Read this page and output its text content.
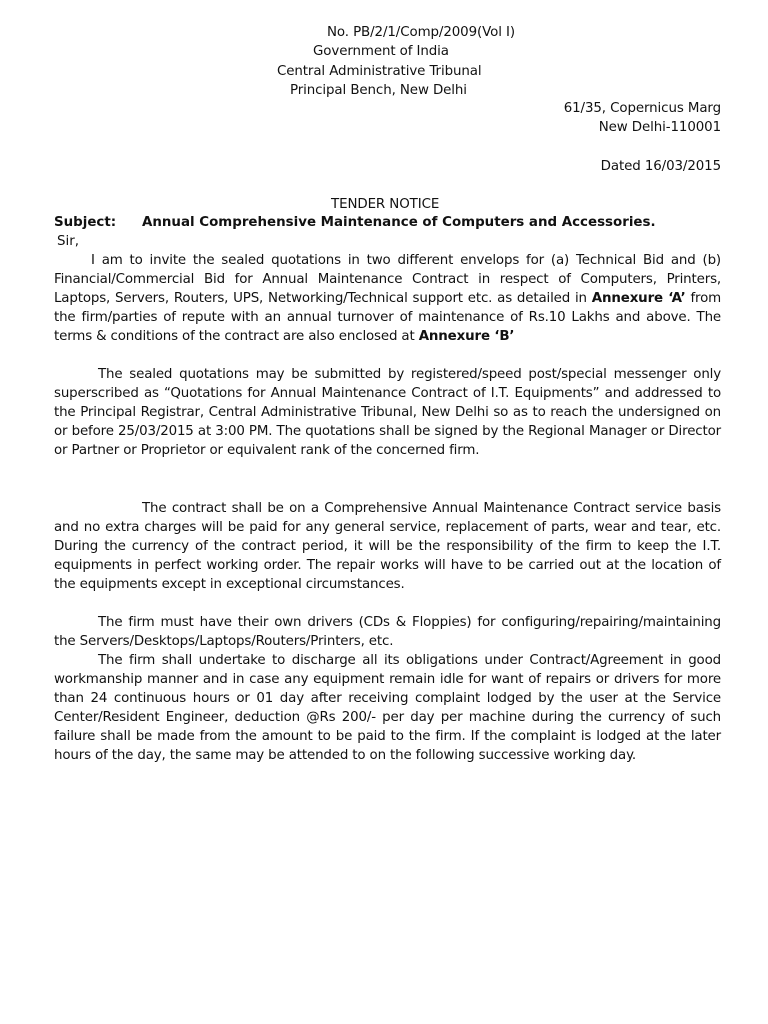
No. PB/2/1/Comp/2009(Vol I)
Government of India
Central Administrative Tribunal
Principal Bench, New Delhi
61/35, Copernicus Marg
New Delhi-110001
Dated 16/03/2015
TENDER NOTICE
Subject: Annual Comprehensive Maintenance of Computers and Accessories.
Sir,

I am to invite the sealed quotations in two different envelops for (a) Technical Bid and (b) Financial/Commercial Bid for Annual Maintenance Contract in respect of Computers, Printers, Laptops, Servers, Routers, UPS, Networking/Technical support etc. as detailed in Annexure ‘A’ from the firm/parties of repute with an annual turnover of maintenance of Rs.10 Lakhs and above. The terms & conditions of the contract are also enclosed at Annexure ‘B’

The sealed quotations may be submitted by registered/speed post/special messenger only superscribed as “Quotations for Annual Maintenance Contract of I.T. Equipments” and addressed to the Principal Registrar, Central Administrative Tribunal, New Delhi so as to reach the undersigned on or before 25/03/2015 at 3:00 PM. The quotations shall be signed by the Regional Manager or Director or Partner or Proprietor or equivalent rank of the concerned firm.

The contract shall be on a Comprehensive Annual Maintenance Contract service basis and no extra charges will be paid for any general service, replacement of parts, wear and tear, etc. During the currency of the contract period, it will be the responsibility of the firm to keep the I.T. equipments in perfect working order. The repair works will have to be carried out at the location of the equipments except in exceptional circumstances.

The firm must have their own drivers (CDs & Floppies) for configuring/repairing/maintaining the Servers/Desktops/Laptops/Routers/Printers, etc.

The firm shall undertake to discharge all its obligations under Contract/Agreement in good workmanship manner and in case any equipment remain idle for want of repairs or drivers for more than 24 continuous hours or 01 day after receiving complaint lodged by the user at the Service Center/Resident Engineer, deduction @Rs 200/- per day per machine during the currency of such failure shall be made from the amount to be paid to the firm. If the complaint is lodged at the later hours of the day, the same may be attended to on the following successive working day.
